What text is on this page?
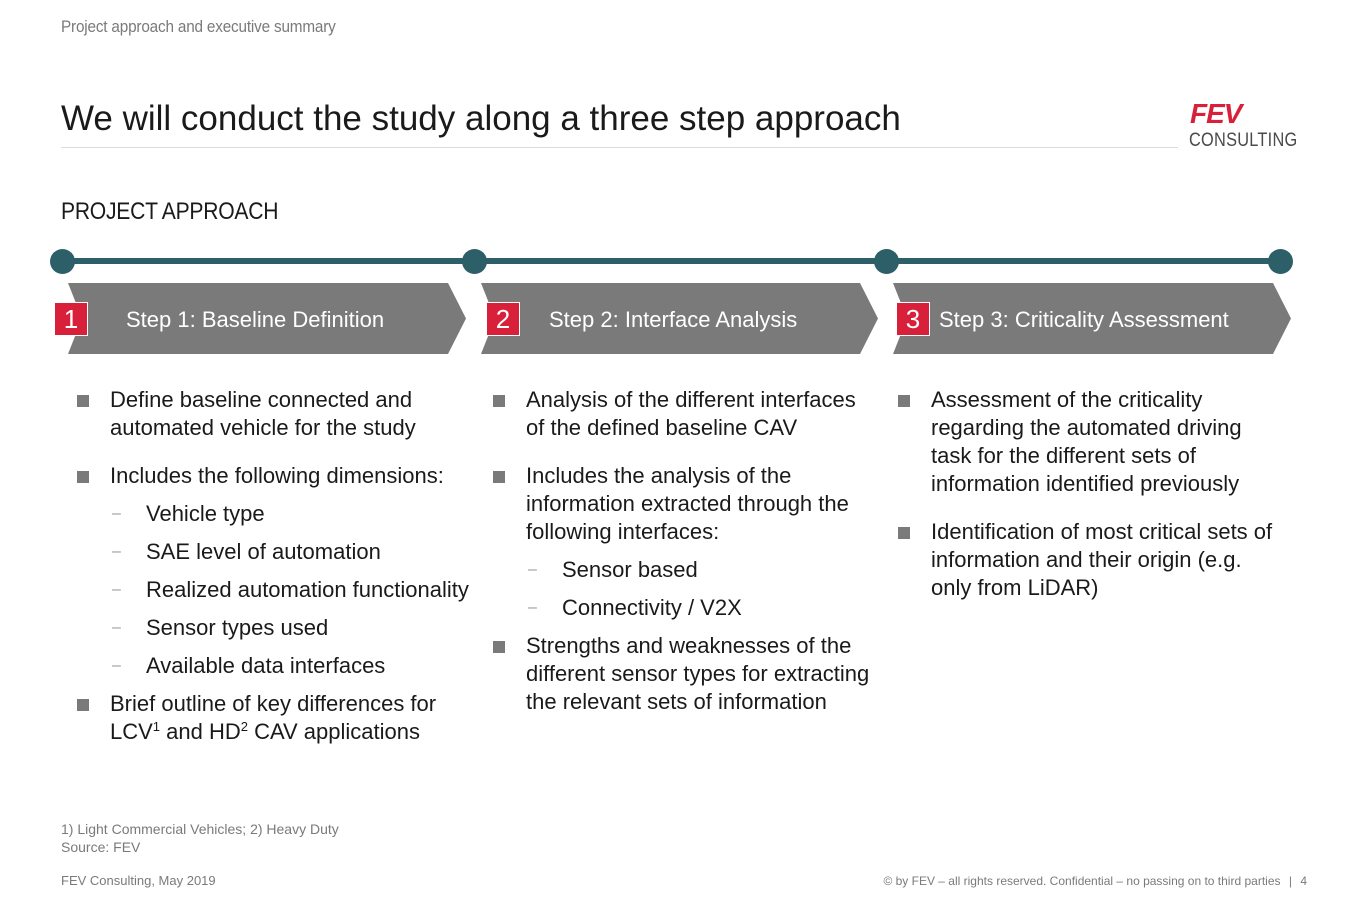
Project approach and executive summary
We will conduct the study along a three step approach	FEV
CONSULTING
PROJECT APPROACH
1	Step 1: Baseline Definition	2	Step 2: Interface Analysis	3 Step 3: Criticality Assessment
Define baseline connected and automated vehicle for the study
Includes the following dimensions:
– Vehicle type
– SAE level of automation
– Realized automation functionality
– Sensor types used
– Available data interfaces
Brief outline of key differences for LCV$^1$ and $HD^2$ CAV applications
Analysis of the different interfaces of the defined baseline CAV
Includes the analysis of the information extracted through the following interfaces:
– Sensor based
– Connectivity / V2X
Strengths and weaknesses of the different sensor types for extracting the relevant sets of information
Assessment of the criticality regarding the automated driving task for the different sets of information identified previously
Identification of most critical sets of information and their origin (e.g. only from LiDAR)
1) Light Commercial Vehicles; 2) Heavy Duty
Source: FEV
FEV Consulting, May 2019	© by FEV – all rights reserved. Confidential – no passing on to third parties | 4
